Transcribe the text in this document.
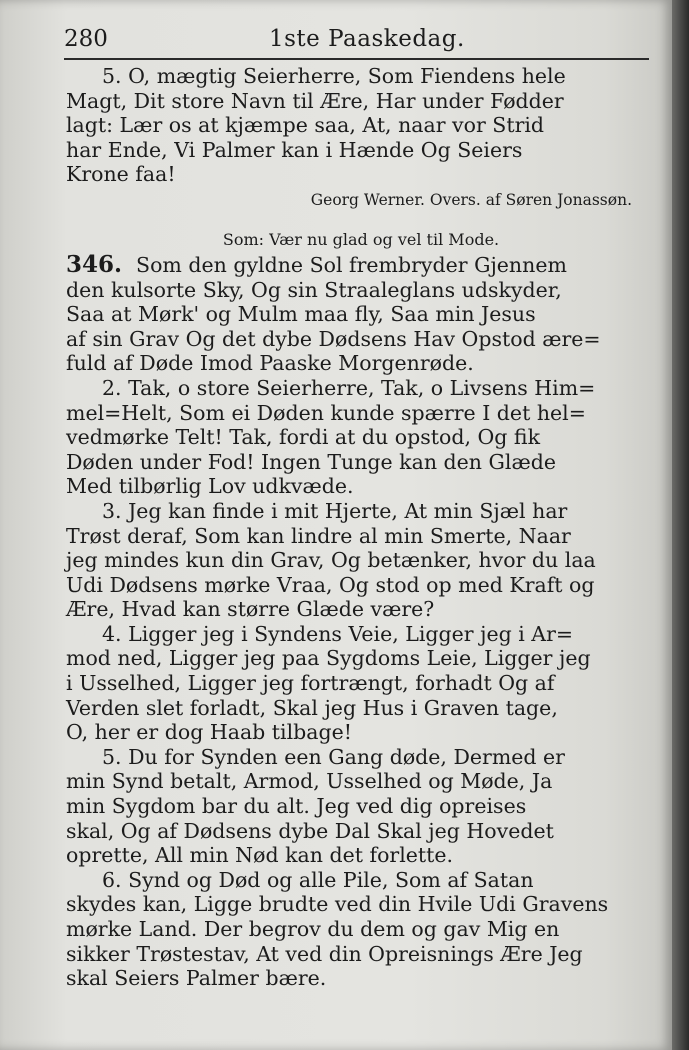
280	1ste Paaskedag.
5. O, mægtig Seierherre, Som Fiendens hele
Magt, Dit store Navn til Ære, Har under Fødder
lagt: Lær os at kjæmpe saa, At, naar vor Strid
har Ende, Vi Palmer kan i Hænde Og Seiers
Krone faa!
Georg Werner. Overs. af Søren Jonassøn.
Som: Vær nu glad og vel til Mode.
346. Som den gyldne Sol frembryder Gjennem
den kulsorte Sky, Og sin Straaleglans udskyder,
Saa at Mørk' og Mulm maa fly, Saa min Jesus
af sin Grav Og det dybe Dødsens Hav Opstod ære=
fuld af Døde Imod Paaske Morgenrøde.
2. Tak, o store Seierherre, Tak, o Livsens Him=
mel=Helt, Som ei Døden kunde spærre I det hel=
vedmørke Telt! Tak, fordi at du opstod, Og fik
Døden under Fod! Ingen Tunge kan den Glæde
Med tilbørlig Lov udkvæde.
3. Jeg kan finde i mit Hjerte, At min Sjæl har
Trøst deraf, Som kan lindre al min Smerte, Naar
jeg mindes kun din Grav, Og betænker, hvor du laa
Udi Dødsens mørke Vraa, Og stod op med Kraft og
Ære, Hvad kan større Glæde være?
4. Ligger jeg i Syndens Veie, Ligger jeg i Ar=
mod ned, Ligger jeg paa Sygdoms Leie, Ligger jeg
i Usselhed, Ligger jeg fortrængt, forhadt Og af
Verden slet forladt, Skal jeg Hus i Graven tage,
O, her er dog Haab tilbage!
5. Du for Synden een Gang døde, Dermed er
min Synd betalt, Armod, Usselhed og Møde, Ja
min Sygdom bar du alt. Jeg ved dig opreises
skal, Og af Dødsens dybe Dal Skal jeg Hovedet
oprette, All min Nød kan det forlette.
6. Synd og Død og alle Pile, Som af Satan
skydes kan, Ligge brudte ved din Hvile Udi Gravens
mørke Land. Der begrov du dem og gav Mig en
sikker Trøstestav, At ved din Opreisnings Ære Jeg
skal Seiers Palmer bære.
